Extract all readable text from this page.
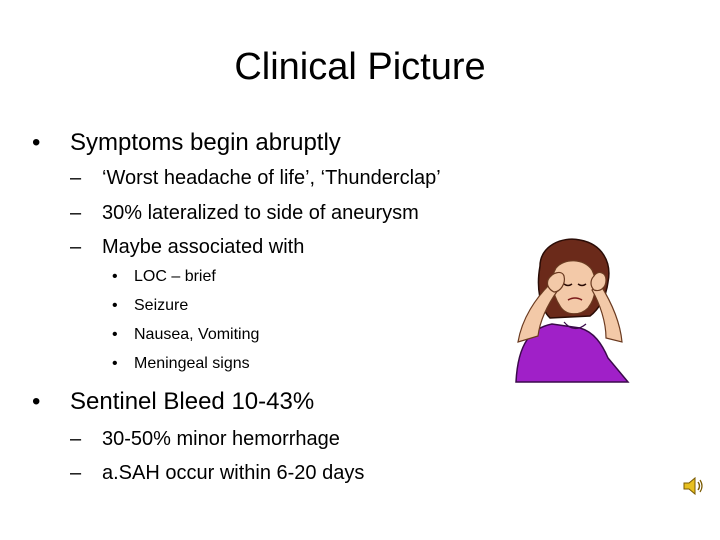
Clinical Picture
• Symptoms begin abruptly
– ‘Worst headache of life’, ‘Thunderclap’
– 30% lateralized to side of aneurysm
– Maybe associated with
• LOC – brief
• Seizure
• Nausea, Vomiting
• Meningeal signs
• Sentinel Bleed 10-43%
– 30-50% minor hemorrhage
– a.SAH occur within 6-20 days
